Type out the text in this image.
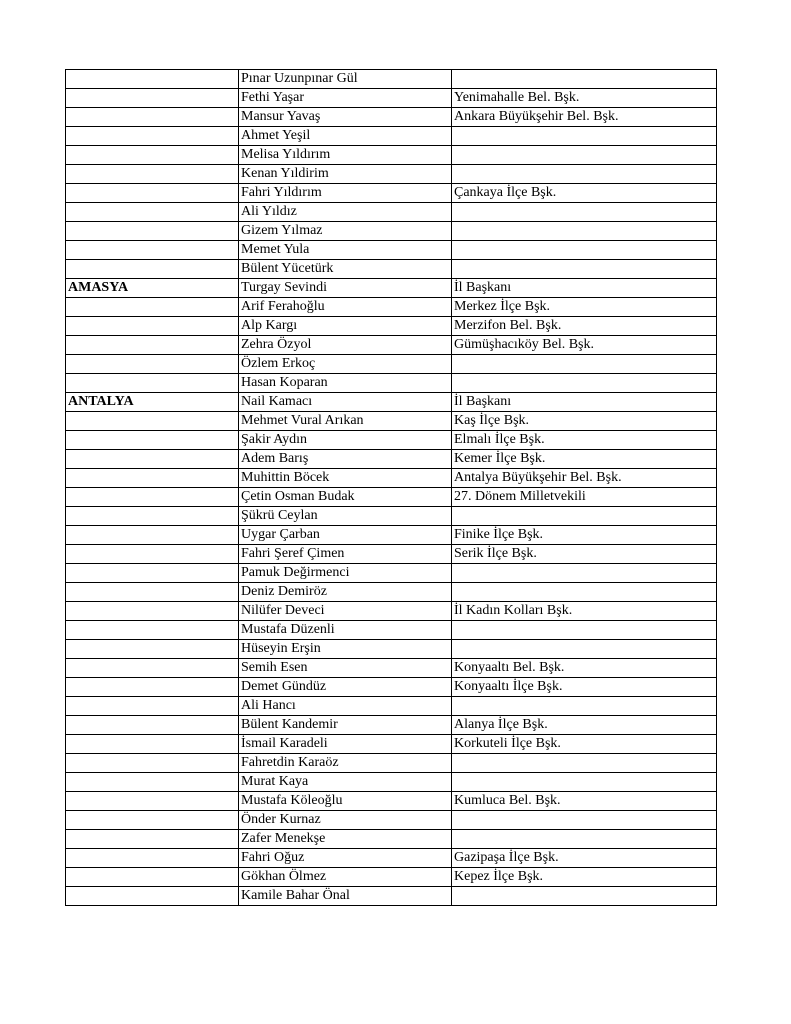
	Pınar Uzunpınar Gül	
	Fethi Yaşar	Yenimahalle Bel. Bşk.
	Mansur Yavaş	Ankara Büyükşehir Bel. Bşk.
	Ahmet Yeşil	
	Melisa Yıldırım	
	Kenan Yıldirim	
	Fahri Yıldırım	Çankaya İlçe Bşk.
	Ali Yıldız	
	Gizem Yılmaz	
	Memet Yula	
	Bülent Yücetürk	
AMASYA	Turgay Sevindi	İl Başkanı
	Arif Ferahoğlu	Merkez İlçe Bşk.
	Alp Kargı	Merzifon Bel. Bşk.
	Zehra Özyol	Gümüşhacıköy Bel. Bşk.
	Özlem Erkoç	
	Hasan Koparan	
ANTALYA	Nail Kamacı	İl Başkanı
	Mehmet Vural Arıkan	Kaş İlçe Bşk.
	Şakir Aydın	Elmalı İlçe Bşk.
	Adem Barış	Kemer İlçe Bşk.
	Muhittin Böcek	Antalya Büyükşehir Bel. Bşk.
	Çetin Osman Budak	27. Dönem Milletvekili
	Şükrü Ceylan	
	Uygar Çarban	Finike İlçe Bşk.
	Fahri Şeref Çimen	Serik İlçe Bşk.
	Pamuk Değirmenci	
	Deniz Demiröz	
	Nilüfer Deveci	İl Kadın Kolları Bşk.
	Mustafa Düzenli	
	Hüseyin Erşin	
	Semih Esen	Konyaaltı Bel. Bşk.
	Demet Gündüz	Konyaaltı İlçe Bşk.
	Ali Hancı	
	Bülent Kandemir	Alanya İlçe Bşk.
	İsmail Karadeli	Korkuteli İlçe Bşk.
	Fahretdin Karaöz	
	Murat Kaya	
	Mustafa Köleoğlu	Kumluca Bel. Bşk.
	Önder Kurnaz	
	Zafer Menekşe	
	Fahri Oğuz	Gazipaşa İlçe Bşk.
	Gökhan Ölmez	Kepez İlçe Bşk.
	Kamile Bahar Önal	
